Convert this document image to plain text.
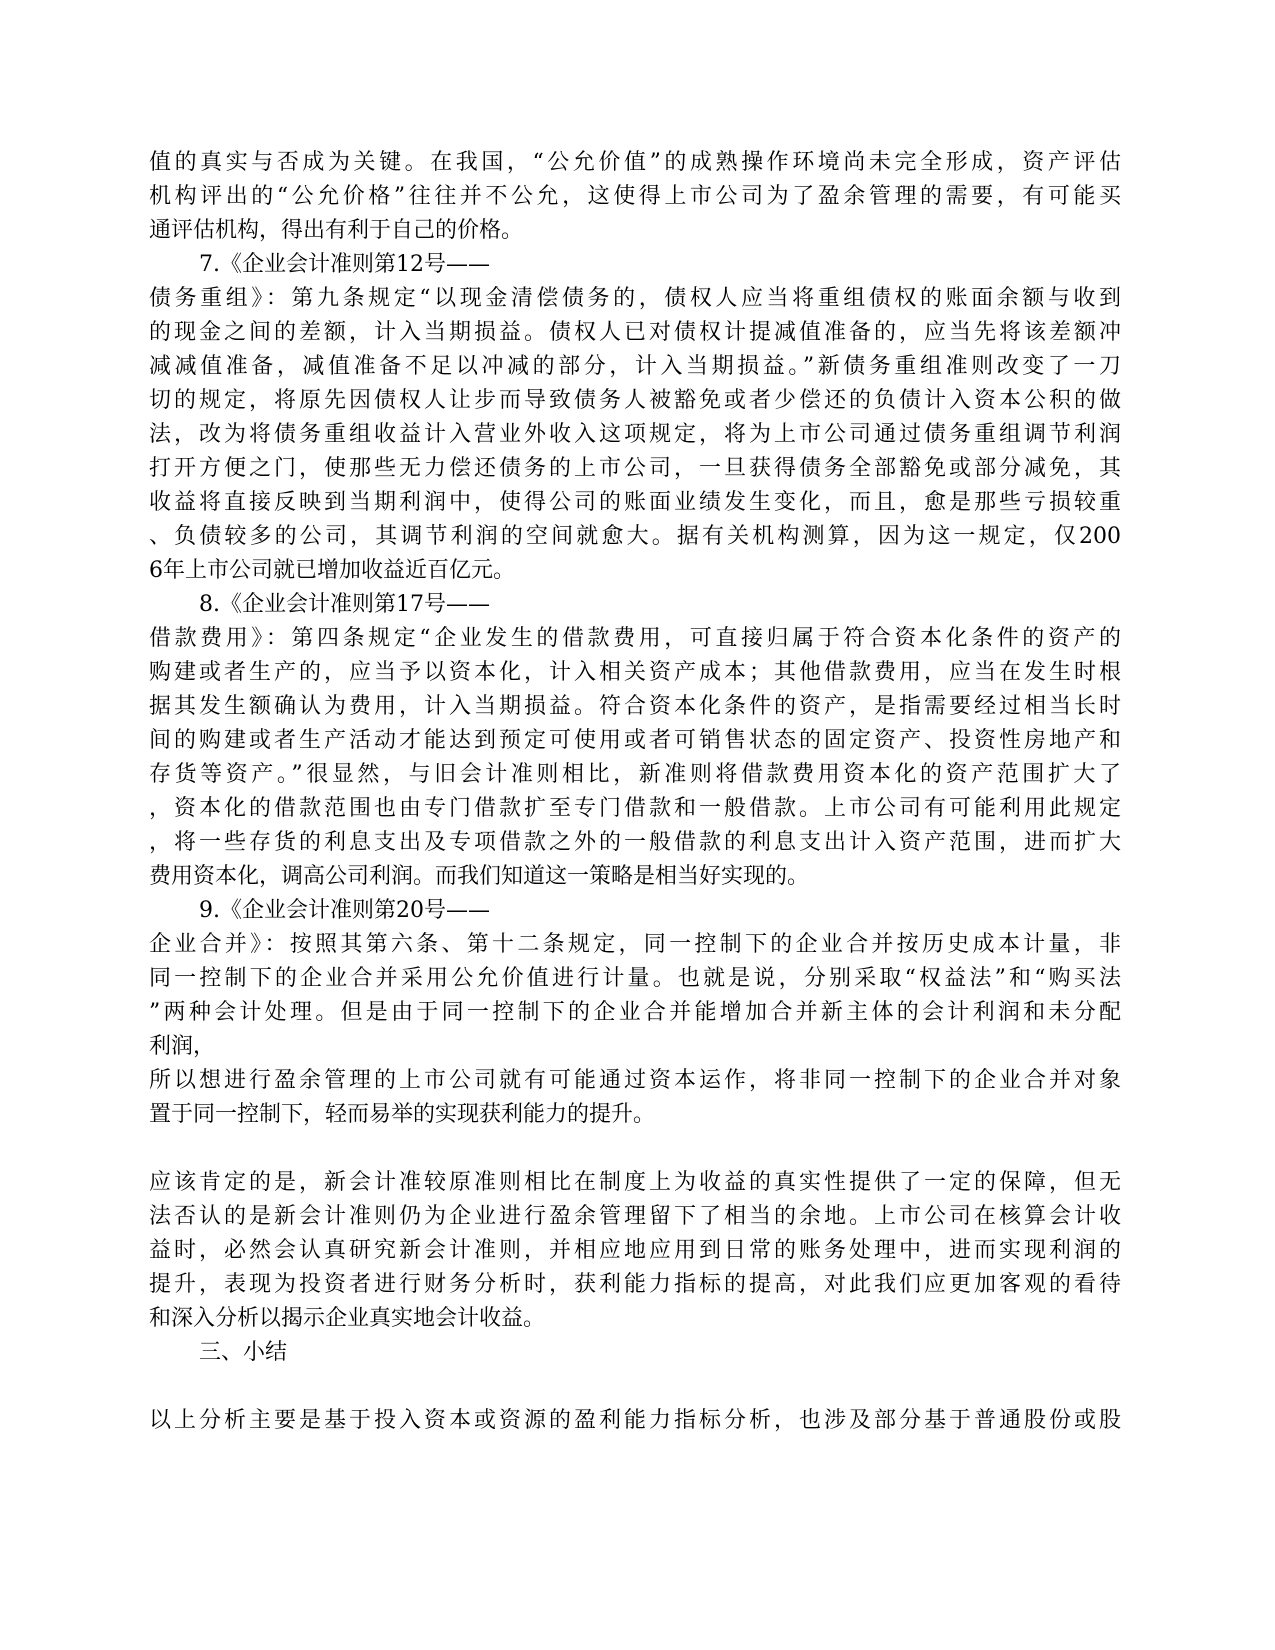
值的真实与否成为关键。在我国，“公允价值”的成熟操作环境尚未完全形成，资产评估
机构评出的“公允价格”往往并不公允，这使得上市公司为了盈余管理的需要，有可能买
通评估机构，得出有利于自己的价格。
7.《企业会计准则第12号——
债务重组》：第九条规定“以现金清偿债务的，债权人应当将重组债权的账面余额与收到
的现金之间的差额，计入当期损益。债权人已对债权计提减值准备的，应当先将该差额冲
减减值准备，减值准备不足以冲减的部分，计入当期损益。”新债务重组准则改变了一刀
切的规定，将原先因债权人让步而导致债务人被豁免或者少偿还的负债计入资本公积的做
法，改为将债务重组收益计入营业外收入这项规定，将为上市公司通过债务重组调节利润
打开方便之门，使那些无力偿还债务的上市公司，一旦获得债务全部豁免或部分减免，其
收益将直接反映到当期利润中，使得公司的账面业绩发生变化，而且，愈是那些亏损较重
、负债较多的公司，其调节利润的空间就愈大。据有关机构测算，因为这一规定，仅200
6年上市公司就已增加收益近百亿元。
8.《企业会计准则第17号——
借款费用》：第四条规定“企业发生的借款费用，可直接归属于符合资本化条件的资产的
购建或者生产的，应当予以资本化，计入相关资产成本；其他借款费用，应当在发生时根
据其发生额确认为费用，计入当期损益。符合资本化条件的资产，是指需要经过相当长时
间的购建或者生产活动才能达到预定可使用或者可销售状态的固定资产、投资性房地产和
存货等资产。”很显然，与旧会计准则相比，新准则将借款费用资本化的资产范围扩大了
，资本化的借款范围也由专门借款扩至专门借款和一般借款。上市公司有可能利用此规定
，将一些存货的利息支出及专项借款之外的一般借款的利息支出计入资产范围，进而扩大
费用资本化，调高公司利润。而我们知道这一策略是相当好实现的。
9.《企业会计准则第20号——
企业合并》：按照其第六条、第十二条规定，同一控制下的企业合并按历史成本计量，非
同一控制下的企业合并采用公允价值进行计量。也就是说，分别采取“权益法”和“购买法
”两种会计处理。但是由于同一控制下的企业合并能增加合并新主体的会计利润和未分配
利润，
所以想进行盈余管理的上市公司就有可能通过资本运作，将非同一控制下的企业合并对象
置于同一控制下，轻而易举的实现获利能力的提升。
应该肯定的是，新会计准较原准则相比在制度上为收益的真实性提供了一定的保障，但无
法否认的是新会计准则仍为企业进行盈余管理留下了相当的余地。上市公司在核算会计收
益时，必然会认真研究新会计准则，并相应地应用到日常的账务处理中，进而实现利润的
提升，表现为投资者进行财务分析时，获利能力指标的提高，对此我们应更加客观的看待
和深入分析以揭示企业真实地会计收益。
三、小结
以上分析主要是基于投入资本或资源的盈利能力指标分析，也涉及部分基于普通股份或股
